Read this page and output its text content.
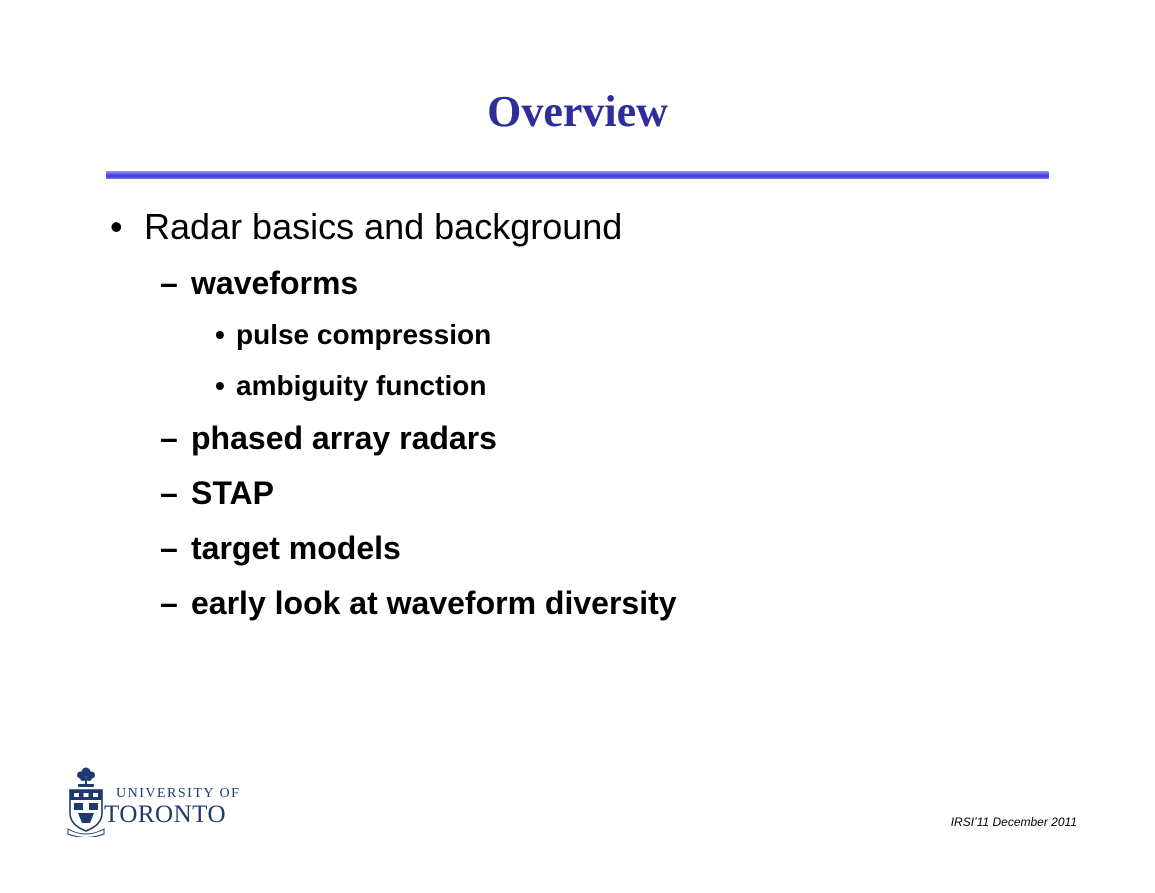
Overview
• Radar basics and background
– waveforms
• pulse compression
• ambiguity function
– phased array radars
– STAP
– target models
– early look at waveform diversity
UNIVERSITY OF
TORONTO	IRSI’11 December 2011
